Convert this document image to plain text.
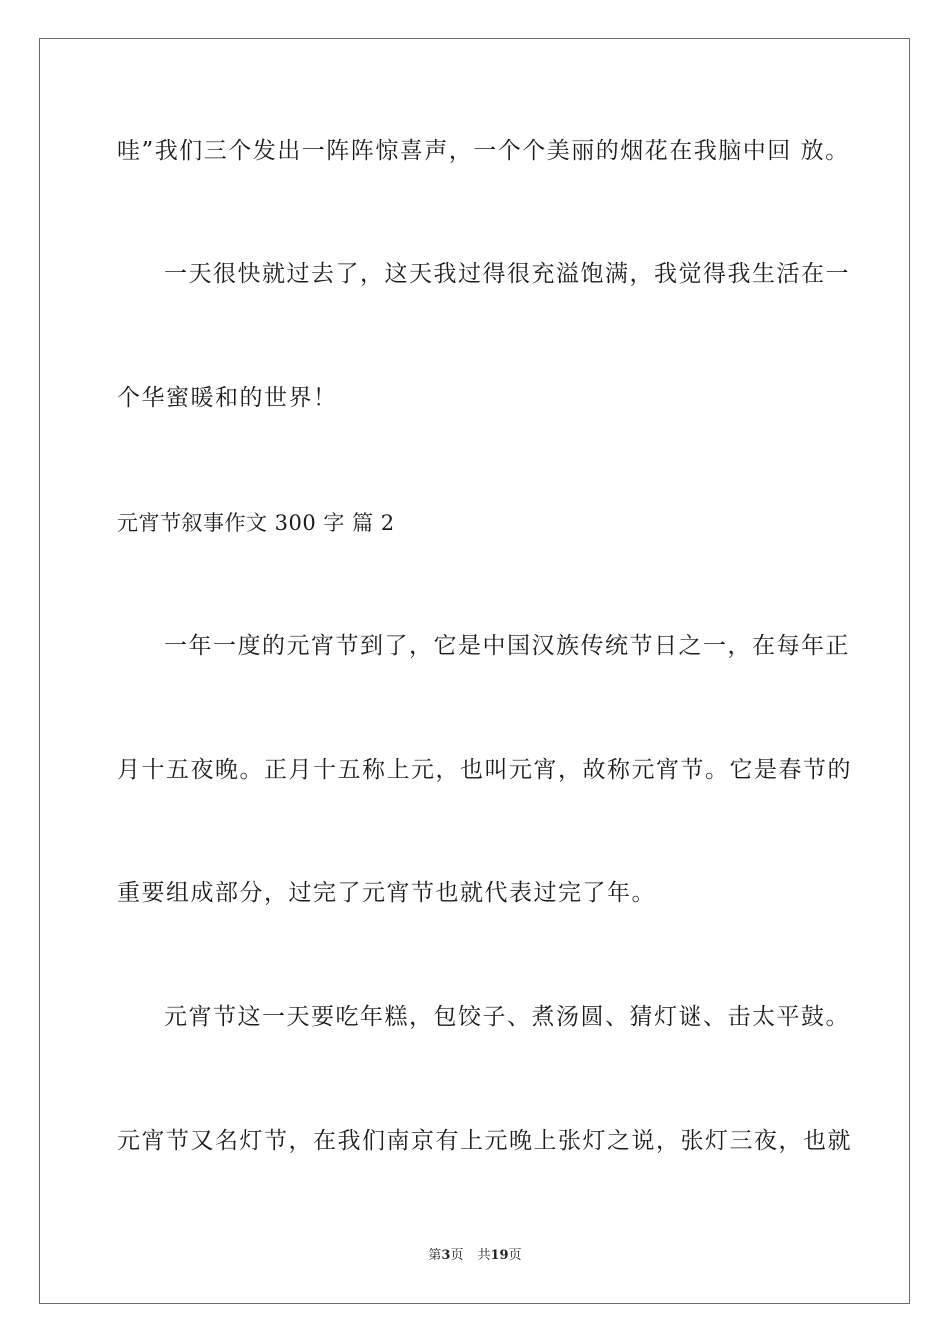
哇”我们三个发出一阵阵惊喜声，一个个美丽的烟花在我脑中回 放。
一天很快就过去了，这天我过得很充溢饱满，我觉得我生活在一
个华蜜暖和的世界！
元宵节叙事作文 300 字 篇 2
一年一度的元宵节到了，它是中国汉族传统节日之一，在每年正
月十五夜晚。正月十五称上元，也叫元宵，故称元宵节。它是春节的
重要组成部分，过完了元宵节也就代表过完了年。
元宵节这一天要吃年糕，包饺子、煮汤圆、猜灯谜、击太平鼓。
元宵节又名灯节，在我们南京有上元晚上张灯之说，张灯三夜，也就
第3页 共19页
